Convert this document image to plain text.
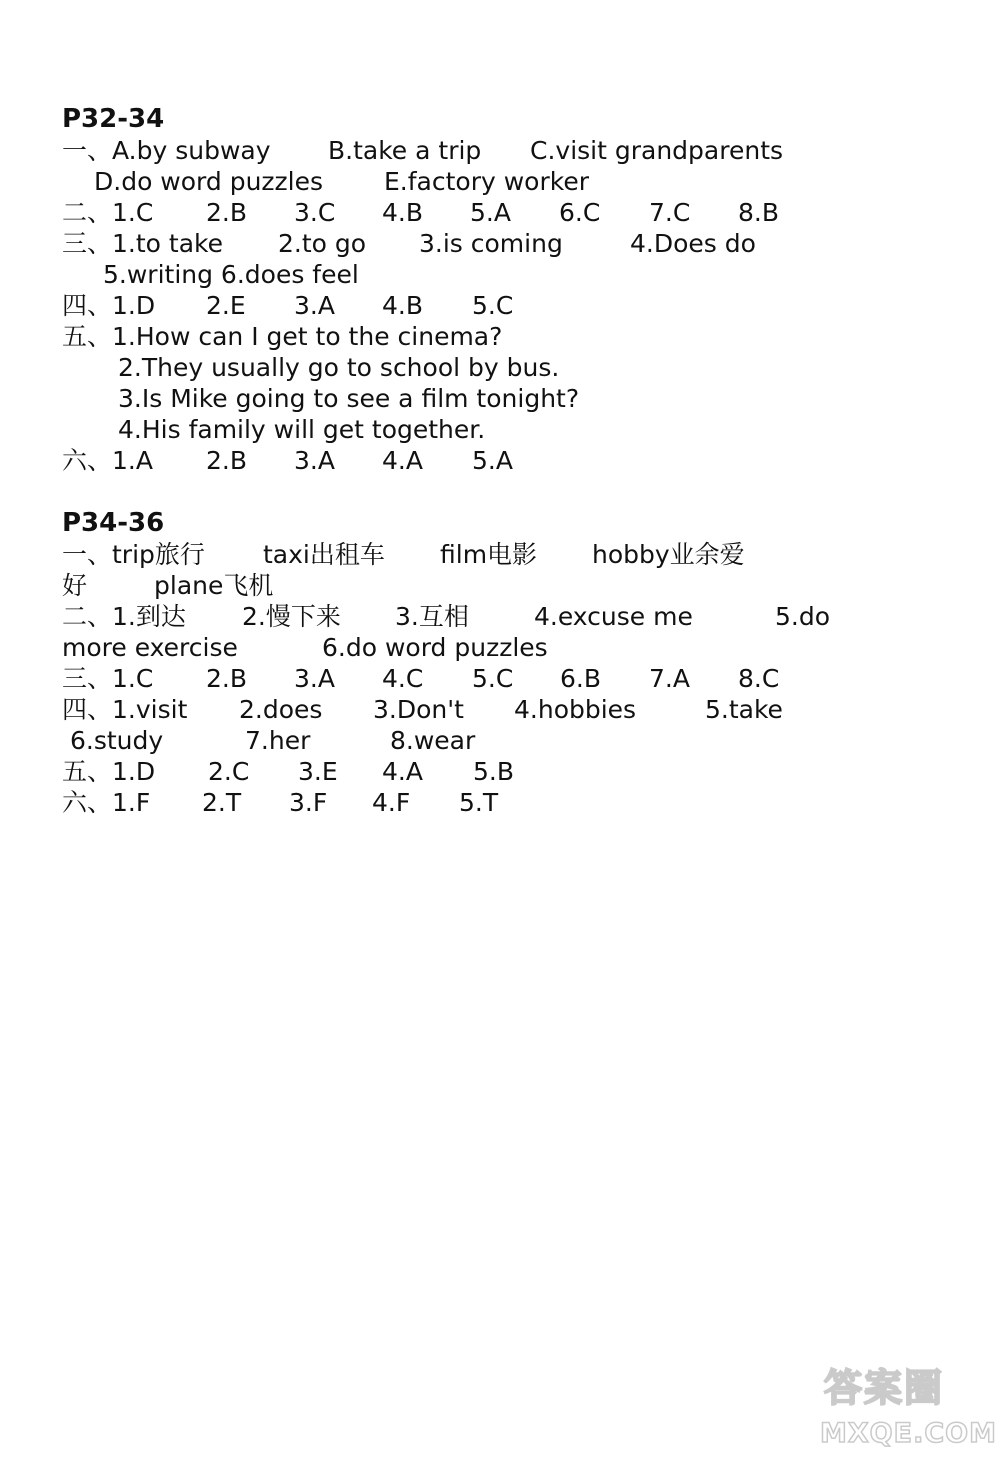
P32-34
一、A.by subway B.take a trip C.visit grandparents
D.do word puzzles E.factory worker
二、1.C 2.B 3.C 4.B 5.A 6.C 7.C 8.B
三、1.to take 2.to go 3.is coming	4.Does do
5.writing 6.does feel
四、1.D 2.E 3.A 4.B 5.C
五、1.How can I get to the cinema?
2.They usually go to school by bus.
3.Is Mike going to see a film tonight?
4.His family will get together.
六、1.A 2.B 3.A 4.A 5.A
P34-36
一、trip旅行 taxi出租车 film电影 hobby业余爱
好	plane飞机
二、1.到达 2.慢下来 3.互相	4.excuse me	5.do
more exercise	6.do word puzzles
三、1.C 2.B 3.A 4.C 5.C 6.B 7.A 8.C
四、1.visit 2.does 3.Don't 4.hobbies	5.take
6.study	7.her	8.wear
五、1.D 2.C 3.E 4.A 5.B
六、1.F 2.T 3.F 4.F 5.T
答案圈
MXQE.COM
